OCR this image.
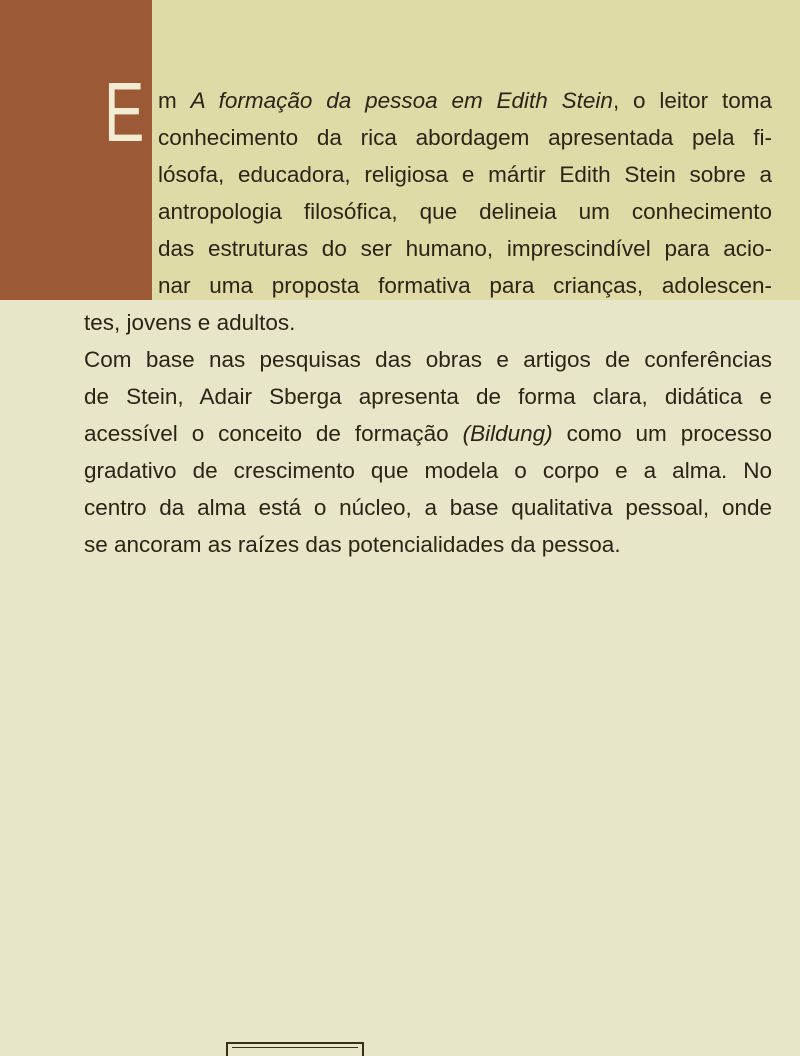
E m A formação da pessoa em Edith Stein, o leitor toma
conhecimento da rica abordagem apresentada pela fi-
lósofa, educadora, religiosa e mártir Edith Stein sobre a
antropologia filosófica, que delineia um conhecimento
das estruturas do ser humano, imprescindível para acio-
nar uma proposta formativa para crianças, adolescen-
tes, jovens e adultos.
Com base nas pesquisas das obras e artigos de conferências
de Stein, Adair Sberga apresenta de forma clara, didática e
acessível o conceito de formação (Bildung) como um processo
gradativo de crescimento que modela o corpo e a alma. No
centro da alma está o núcleo, a base qualitativa pessoal, onde
se ancoram as raízes das potencialidades da pessoa.
